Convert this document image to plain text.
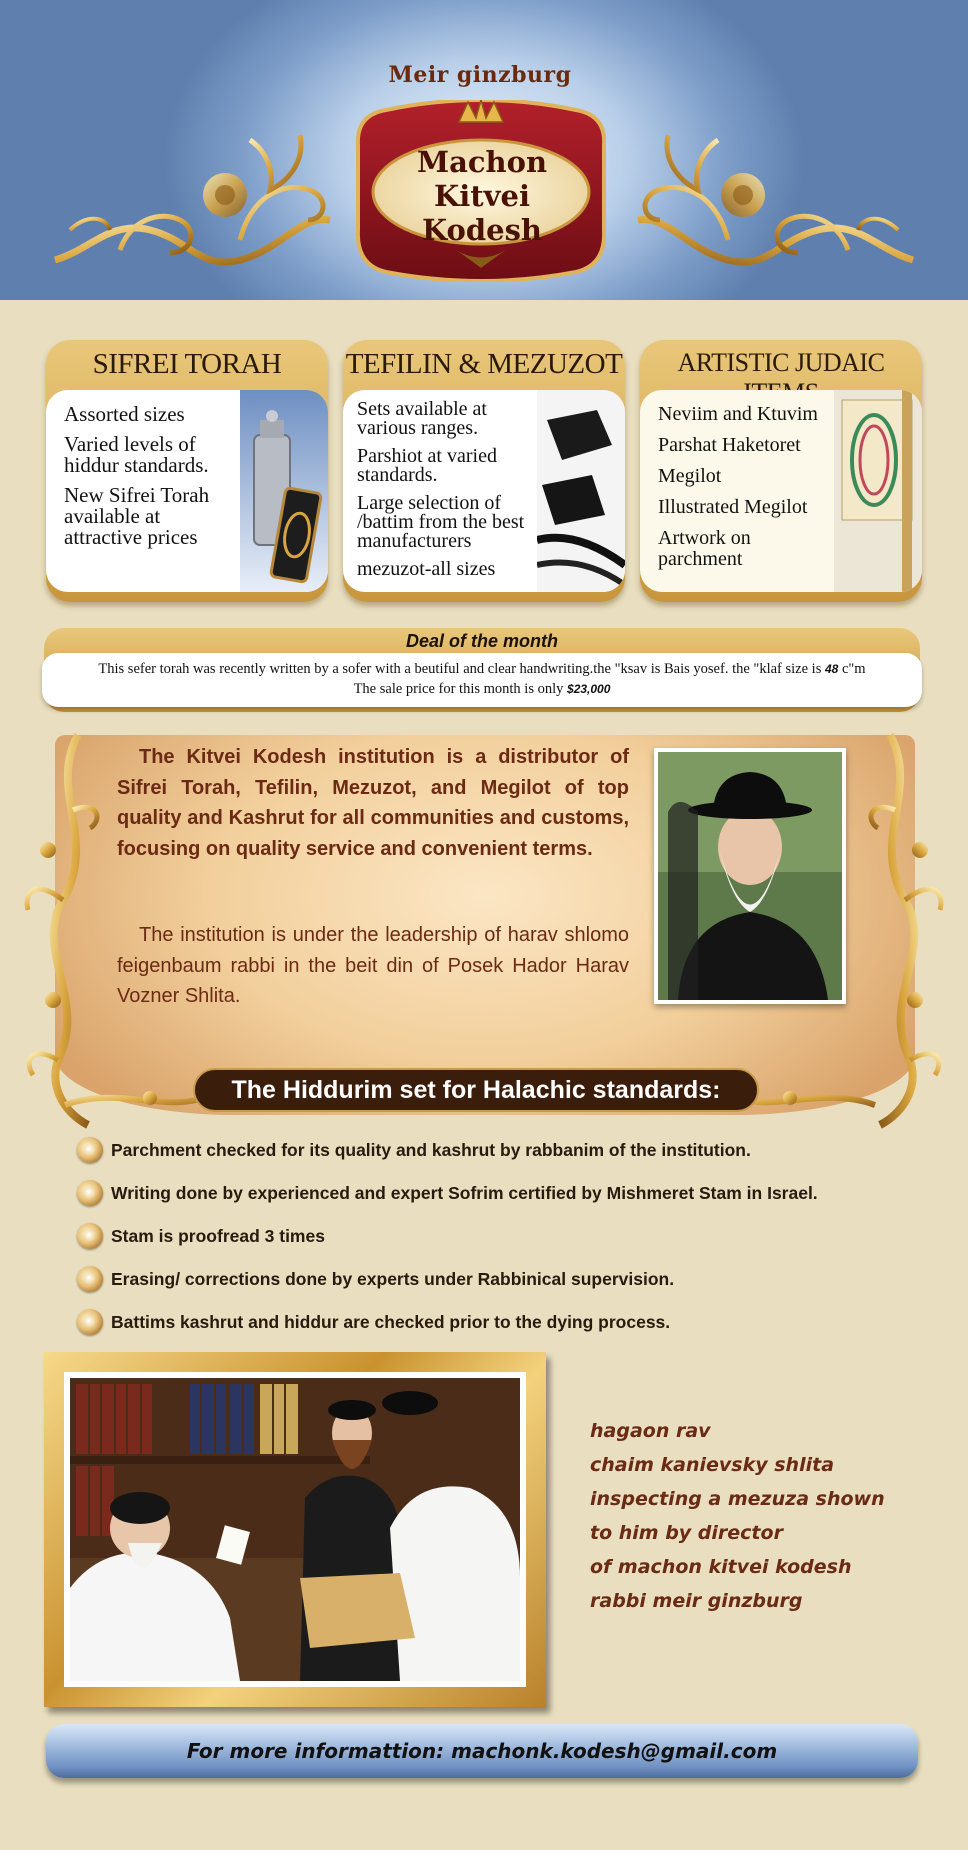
Meir ginzburg
Machon
Kitvei Kodesh
SIFREI TORAH
Assorted sizes
Varied levels of hiddur standards.
New Sifrei Torah available at attractive prices
TEFILIN & MEZUZOT
Sets available at various ranges.
Parshiot at varied standards.
Large selection of /battim from the best manufacturers
mezuzot-all sizes
ARTISTIC JUDAIC
Neviim and Ktuvim
Parshat Haketoret
Megilot
Illustrated Megilot
Artwork on parchment
Deal of the month
This sefer torah was recently written by a sofer with a beutiful and clear handwriting.the "ksav is Bais yosef. the "klaf size is 48 c"m
The sale price for this month is only $23,000
The Kitvei Kodesh institution is a distributor of Sifrei Torah, Tefilin, Mezuzot, and Megilot of top quality and Kashrut for all communities and customs, focusing on quality service and convenient terms.
The institution is under the leadership of harav shlomo feigenbaum rabbi in the beit din of Posek Hador Harav Vozner Shlita.
The Hiddurim set for Halachic standards:
Parchment checked for its quality and kashrut by rabbanim of the institution.
Writing done by experienced and expert Sofrim certified by Mishmeret Stam in Israel.
Stam is proofread 3 times
Erasing/ corrections done by experts under Rabbinical supervision.
Battims kashrut and hiddur are checked prior to the dying process.
hagaon rav
chaim kanievsky shlita
inspecting a mezuza shown
to him by director
of machon kitvei kodesh
rabbi meir ginzburg
For more informattion: machonk.kodesh@gmail.com
